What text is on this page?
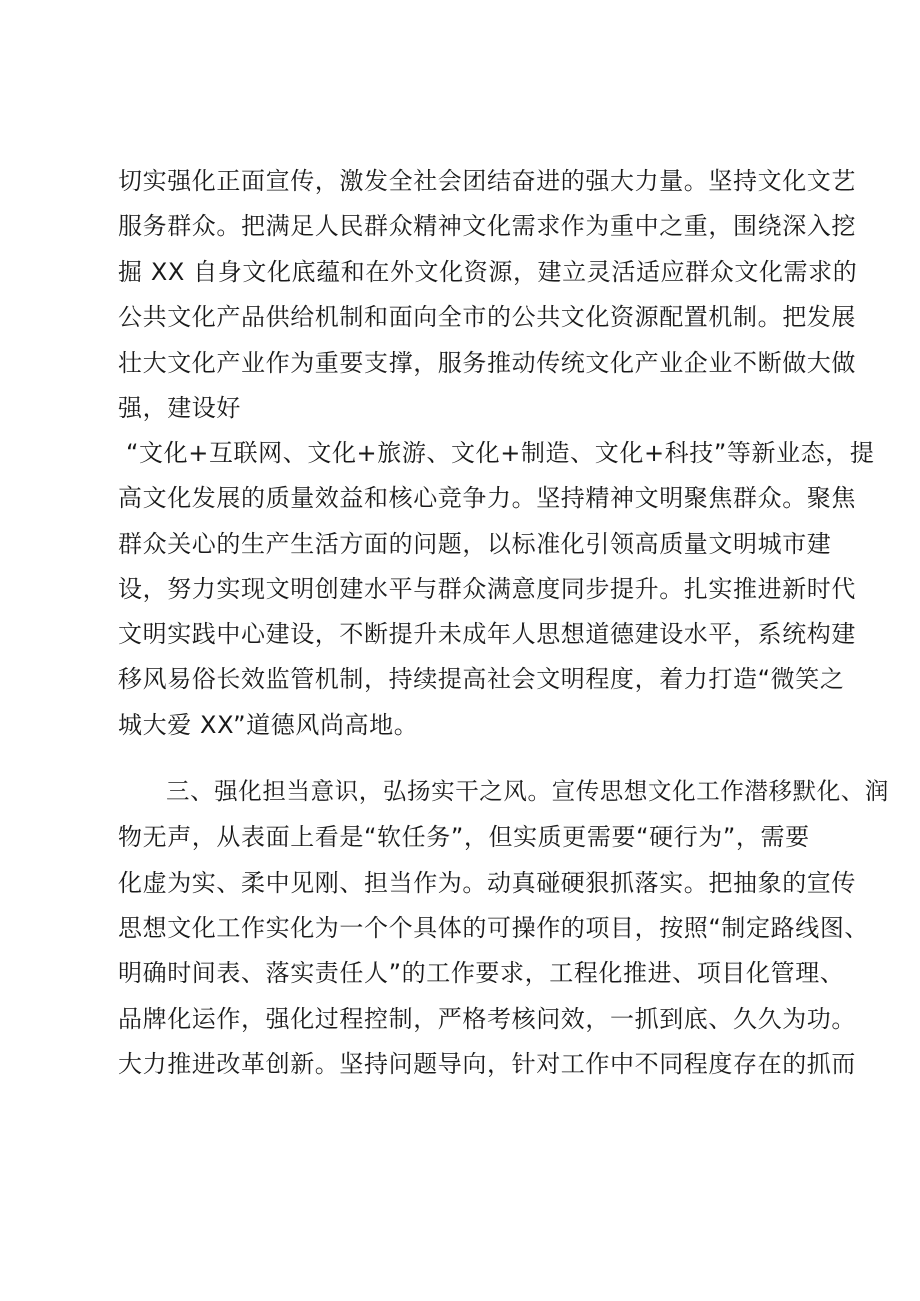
切实强化正面宣传，激发全社会团结奋进的强大力量。坚持文化文艺
服务群众。把满足人民群众精神文化需求作为重中之重，围绕深入挖
掘 XX 自身文化底蕴和在外文化资源，建立灵活适应群众文化需求的
公共文化产品供给机制和面向全市的公共文化资源配置机制。把发展
壮大文化产业作为重要支撑，服务推动传统文化产业企业不断做大做
强，建设好
“文化+互联网、文化+旅游、文化+制造、文化+科技”等新业态，提
高文化发展的质量效益和核心竞争力。坚持精神文明聚焦群众。聚焦
群众关心的生产生活方面的问题，以标准化引领高质量文明城市建
设，努力实现文明创建水平与群众满意度同步提升。扎实推进新时代
文明实践中心建设，不断提升未成年人思想道德建设水平，系统构建
移风易俗长效监管机制，持续提高社会文明程度，着力打造“微笑之
城大爱 XX”道德风尚高地。
三、强化担当意识，弘扬实干之风。宣传思想文化工作潜移默化、润
物无声，从表面上看是“软任务”，但实质更需要“硬行为”，需要
化虚为实、柔中见刚、担当作为。动真碰硬狠抓落实。把抽象的宣传
思想文化工作实化为一个个具体的可操作的项目，按照“制定路线图、
明确时间表、落实责任人”的工作要求，工程化推进、项目化管理、
品牌化运作，强化过程控制，严格考核问效，一抓到底、久久为功。
大力推进改革创新。坚持问题导向，针对工作中不同程度存在的抓而
